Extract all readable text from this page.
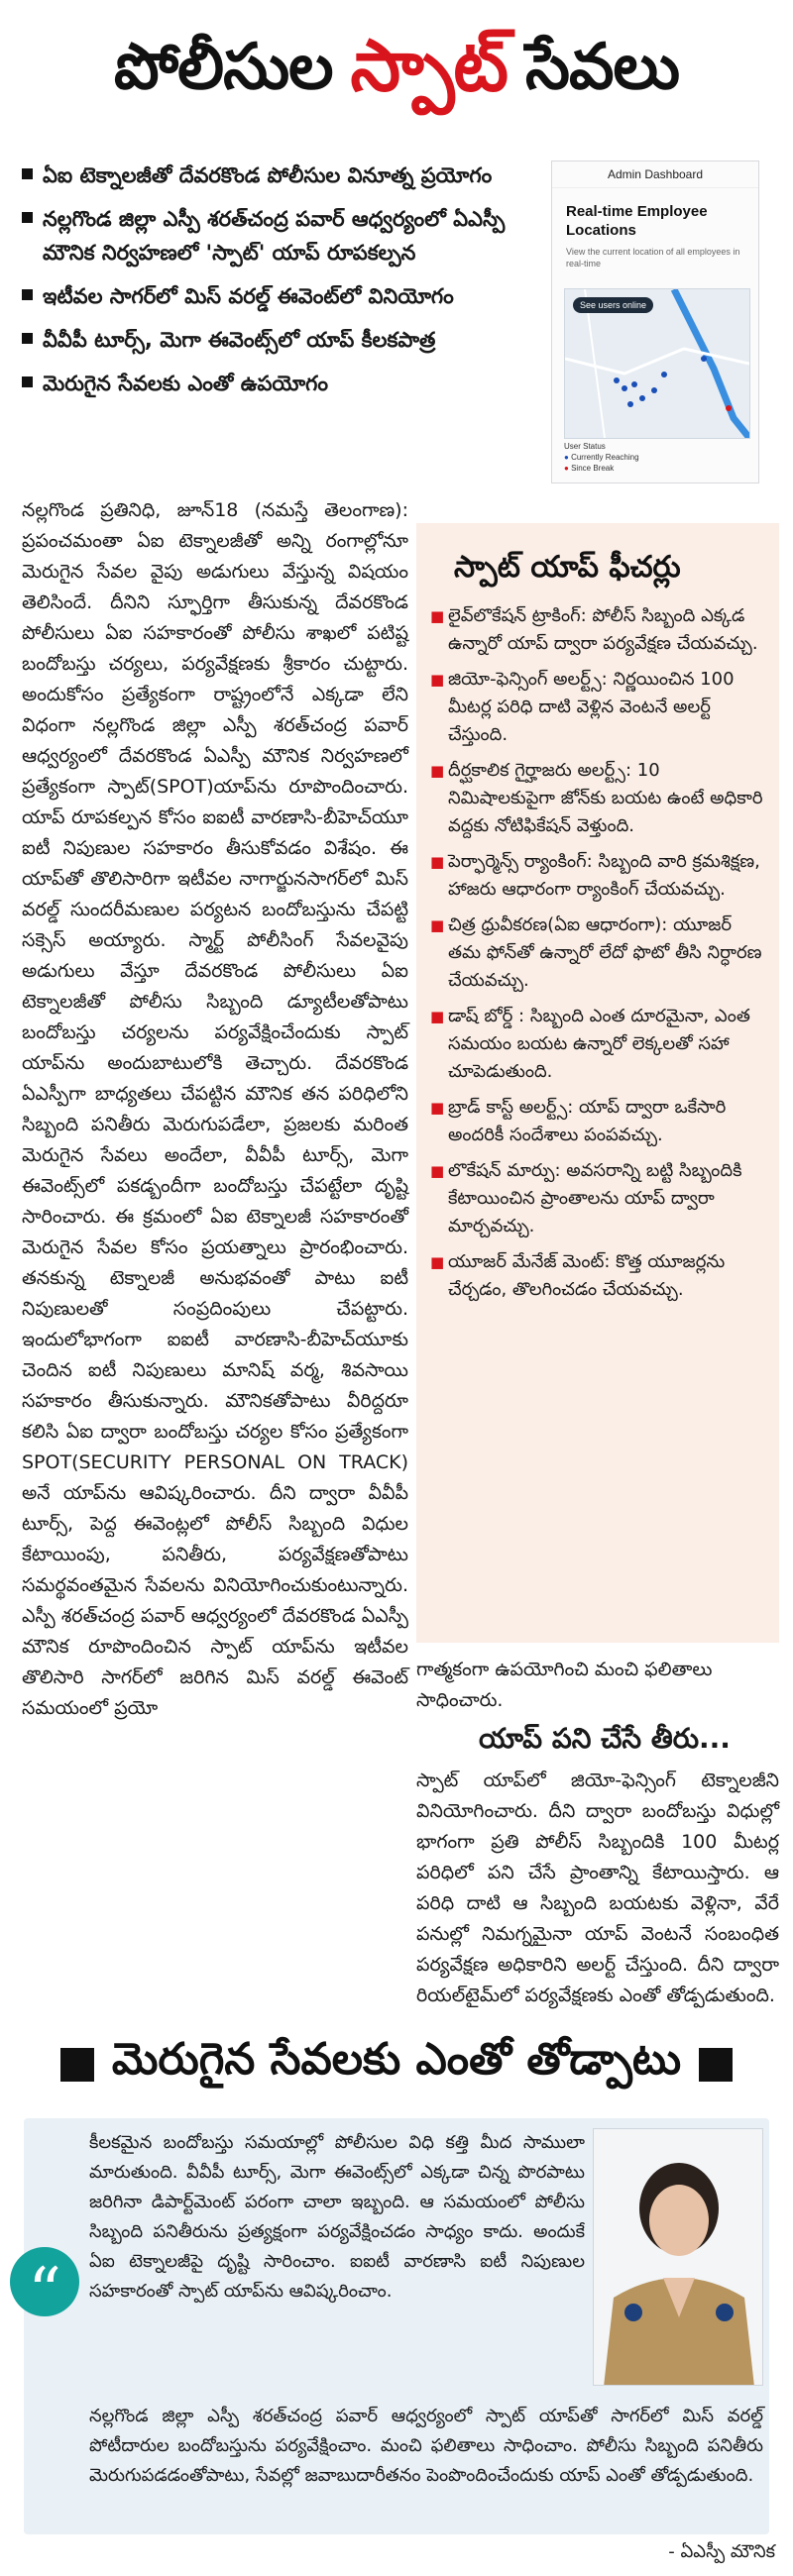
పోలీసుల స్పాట్ సేవలు
ఏఐ టెక్నాలజీతో దేవరకొండ పోలీసుల వినూత్న ప్రయోగం
నల్లగొండ జిల్లా ఎస్పీ శరత్‌చంద్ర పవార్ ఆధ్వర్యంలో ఏఎస్పీ మౌనిక నిర్వహణలో 'స్పాట్' యాప్ రూపకల్పన
ఇటీవల సాగర్‌లో మిస్ వరల్డ్ ఈవెంట్‌లో వినియోగం
వీవీపీ టూర్స్, మెగా ఈవెంట్స్‌లో యాప్ కీలకపాత్ర
మెరుగైన సేవలకు ఎంతో ఉపయోగం
Admin Dashboard
Real-time Employee Locations
View the current location of all employees in real-time
See users online
User Status
● Currently Reaching
● Since Break
నల్లగొండ ప్రతినిధి, జూన్18 (నమస్తే తెలంగాణ): ప్రపంచమంతా ఏఐ టెక్నాలజీతో అన్ని రంగాల్లోనూ మెరుగైన సేవల వైపు అడుగులు వేస్తున్న విషయం తెలిసిందే. దీనిని స్ఫూర్తిగా తీసుకున్న దేవరకొండ పోలీసులు ఏఐ సహకారంతో పోలీసు శాఖలో పటిష్ట బందోబస్తు చర్యలు, పర్యవేక్షణకు శ్రీకారం చుట్టారు. అందుకోసం ప్రత్యేకంగా రాష్ట్రంలోనే ఎక్కడా లేని విధంగా నల్లగొండ జిల్లా ఎస్పీ శరత్‌చంద్ర పవార్ ఆధ్వర్యంలో దేవరకొండ ఏఎస్పీ మౌనిక నిర్వహణలో ప్రత్యేకంగా స్పాట్(SPOT)యాప్‌ను రూపొందించారు. యాప్ రూపకల్పన కోసం ఐఐటీ వారణాసి-బీహెచ్‌యూ ఐటీ నిపుణుల సహకారం తీసుకోవడం విశేషం. ఈ యాప్‌తో తొలిసారిగా ఇటీవల నాగార్జునసాగర్‌లో మిస్ వరల్డ్ సుందరీమణుల పర్యటన బందోబస్తును చేపట్టి సక్సెస్ అయ్యారు. స్మార్ట్ పోలీసింగ్ సేవలవైపు అడుగులు వేస్తూ దేవరకొండ పోలీసులు ఏఐ టెక్నాలజీతో పోలీసు సిబ్బంది డ్యూటీలతోపాటు బందోబస్తు చర్యలను పర్యవేక్షించేందుకు స్పాట్ యాప్‌ను అందుబాటులోకి తెచ్చారు. దేవరకొండ ఏఎస్పీగా బాధ్యతలు చేపట్టిన మౌనిక తన పరిధిలోని సిబ్బంది పనితీరు మెరుగుపడేలా, ప్రజలకు మరింత మెరుగైన సేవలు అందేలా, వీవీపీ టూర్స్, మెగా ఈవెంట్స్‌లో పకడ్బందీగా బందోబస్తు చేపట్టేలా దృష్టి సారించారు. ఈ క్రమంలో ఏఐ టెక్నాలజీ సహకారంతో మెరుగైన సేవల కోసం ప్రయత్నాలు ప్రారంభించారు. తనకున్న టెక్నాలజీ అనుభవంతో పాటు ఐటీ నిపుణులతో సంప్రదింపులు చేపట్టారు. ఇందులోభాగంగా ఐఐటీ వారణాసి-బీహెచ్‌యూకు చెందిన ఐటీ నిపుణులు మానిష్ వర్మ, శివసాయి సహకారం తీసుకున్నారు. మౌనికతోపాటు వీరిద్దరూ కలిసి ఏఐ ద్వారా బందోబస్తు చర్యల కోసం ప్రత్యేకంగా SPOT(SECURITY PERSONAL ON TRACK) అనే యాప్‌ను ఆవిష్కరించారు. దీని ద్వారా వీవీపీ టూర్స్, పెద్ద ఈవెంట్లలో పోలీస్ సిబ్బంది విధుల కేటాయింపు, పనితీరు, పర్యవేక్షణతోపాటు సమర్థవంతమైన సేవలను వినియోగించుకుంటున్నారు. ఎస్పీ శరత్‌చంద్ర పవార్ ఆధ్వర్యంలో దేవరకొండ ఏఎస్పీ మౌనిక రూపొందించిన స్పాట్ యాప్‌ను ఇటీవల తొలిసారి సాగర్‌లో జరిగిన మిస్ వరల్డ్ ఈవెంట్ సమయంలో ప్రయో
స్పాట్ యాప్ ఫీచర్లు
■ లైవ్‌లొకేషన్ ట్రాకింగ్: పోలీస్ సిబ్బంది ఎక్కడ ఉన్నారో యాప్ ద్వారా పర్యవేక్షణ చేయవచ్చు.
■ జియో-ఫెన్సింగ్ అలర్ట్స్: నిర్ణయించిన 100 మీటర్ల పరిధి దాటి వెళ్లిన వెంటనే అలర్ట్ చేస్తుంది.
■ దీర్ఘకాలిక గైర్హాజరు అలర్ట్స్: 10 నిమిషాలకుపైగా జోన్‌కు బయట ఉంటే అధికారి వద్దకు నోటిఫికేషన్ వెళ్తుంది.
■ పెర్ఫార్మెన్స్ ర్యాంకింగ్: సిబ్బంది వారి క్రమశిక్షణ, హాజరు ఆధారంగా ర్యాంకింగ్ చేయవచ్చు.
■ చిత్ర ధ్రువీకరణ(ఏఐ ఆధారంగా): యూజర్ తమ ఫోన్‌తో ఉన్నారో లేదో ఫొటో తీసి నిర్ధారణ చేయవచ్చు.
■ డాష్ బోర్డ్ : సిబ్బంది ఎంత దూరమైనా, ఎంత సమయం బయట ఉన్నారో లెక్కలతో సహా చూపెడుతుంది.
■ బ్రాడ్ కాస్ట్ అలర్ట్స్: యాప్ ద్వారా ఒకేసారి అందరికీ సందేశాలు పంపవచ్చు.
■ లొకేషన్ మార్పు: అవసరాన్ని బట్టి సిబ్బందికి కేటాయించిన ప్రాంతాలను యాప్ ద్వారా మార్చవచ్చు.
■ యూజర్ మేనేజ్ మెంట్: కొత్త యూజర్లను చేర్చడం, తొలగించడం చేయవచ్చు.
గాత్మకంగా ఉపయోగించి మంచి ఫలితాలు సాధించారు.
యాప్ పని చేసే తీరు...
స్పాట్ యాప్‌లో జియో-ఫెన్సింగ్ టెక్నాలజీని వినియోగించారు. దీని ద్వారా బందోబస్తు విధుల్లో భాగంగా ప్రతి పోలీస్ సిబ్బందికి 100 మీటర్ల పరిధిలో పని చేసే ప్రాంతాన్ని కేటాయిస్తారు. ఆ పరిధి దాటి ఆ సిబ్బంది బయటకు వెళ్లినా, వేరే పనుల్లో నిమగ్నమైనా యాప్ వెంటనే సంబంధిత పర్యవేక్షణ అధికారిని అలర్ట్ చేస్తుంది. దీని ద్వారా రియల్‌టైమ్‌లో పర్యవేక్షణకు ఎంతో తోడ్పడుతుంది.
మెరుగైన సేవలకు ఎంతో తోడ్పాటు
“
కీలకమైన బందోబస్తు సమయాల్లో పోలీసుల విధి కత్తి మీద సాములా మారుతుంది. వీవీపీ టూర్స్, మెగా ఈవెంట్స్‌లో ఎక్కడా చిన్న పొరపాటు జరిగినా డిపార్ట్‌మెంట్ పరంగా చాలా ఇబ్బంది. ఆ సమయంలో పోలీసు సిబ్బంది పనితీరును ప్రత్యక్షంగా పర్యవేక్షించడం సాధ్యం కాదు. అందుకే ఏఐ టెక్నాలజీపై దృష్టి సారించాం. ఐఐటీ వారణాసి ఐటీ నిపుణుల సహకారంతో స్పాట్ యాప్‌ను ఆవిష్కరించాం.
నల్లగొండ జిల్లా ఎస్పీ శరత్‌చంద్ర పవార్ ఆధ్వర్యంలో స్పాట్ యాప్‌తో సాగర్‌లో మిస్ వరల్డ్ పోటీదారుల బందోబస్తును పర్యవేక్షించాం. మంచి ఫలితాలు సాధించాం. పోలీసు సిబ్బంది పనితీరు మెరుగుపడడంతోపాటు, సేవల్లో జవాబుదారీతనం పెంపొందించేందుకు యాప్ ఎంతో తోడ్పడుతుంది.
- ఏఎస్పీ మౌనిక
